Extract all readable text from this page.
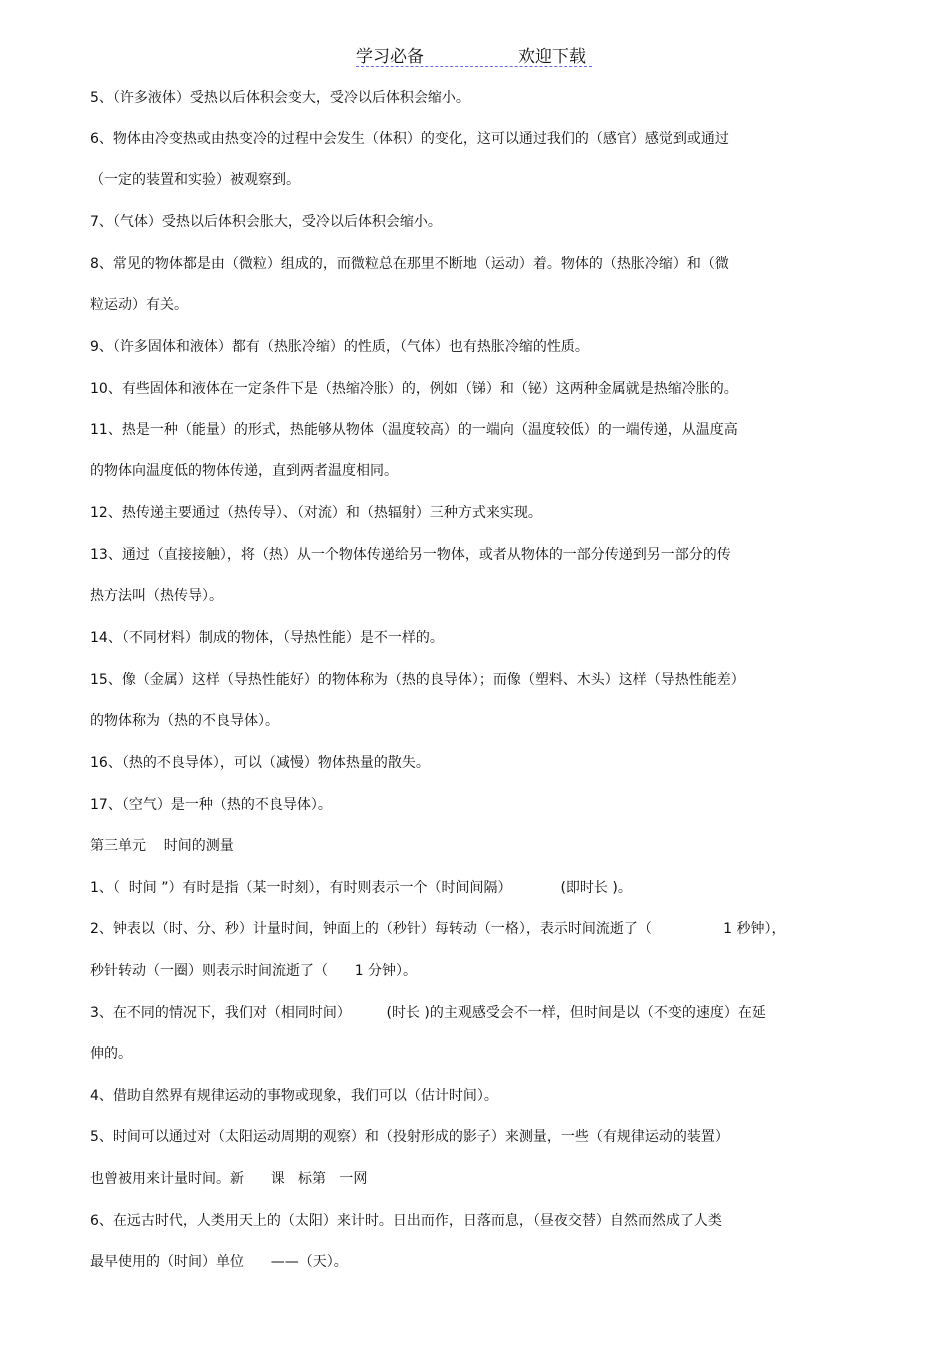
学习必备	欢迎下载
5、（许多液体）受热以后体积会变大，受冷以后体积会缩小。
6、物体由冷变热或由热变冷的过程中会发生（体积）的变化，这可以通过我们的（感官）感觉到或通过
（一定的装置和实验）被观察到。
7、（气体）受热以后体积会胀大，受冷以后体积会缩小。
8、常见的物体都是由（微粒）组成的，而微粒总在那里不断地（运动）着。物体的（热胀冷缩）和（微
粒运动）有关。
9、（许多固体和液体）都有（热胀冷缩）的性质，（气体）也有热胀冷缩的性质。
10、有些固体和液体在一定条件下是（热缩冷胀）的，例如（锑）和（铋）这两种金属就是热缩冷胀的。
11、热是一种（能量）的形式，热能够从物体（温度较高）的一端向（温度较低）的一端传递，从温度高
的物体向温度低的物体传递，直到两者温度相同。
12、热传递主要通过（热传导）、（对流）和（热辐射）三种方式来实现。
13、通过（直接接触），将（热）从一个物体传递给另一物体，或者从物体的一部分传递到另一部分的传
热方法叫（热传导）。
14、（不同材料）制成的物体，（导热性能）是不一样的。
15、像（金属）这样（导热性能好）的物体称为（热的良导体）；而像（塑料、木头）这样（导热性能差）
的物体称为（热的不良导体）。
16、（热的不良导体），可以（减慢）物体热量的散失。
17、（空气）是一种（热的不良导体）。
第三单元    时间的测量
1、（  时间 ”）有时是指（某一时刻），有时则表示一个（时间间隔）           (即时长 )。
2、钟表以（时、分、秒）计量时间，钟面上的（秒针）每转动（一格），表示时间流逝了（                1 秒钟），
秒针转动（一圈）则表示时间流逝了（      1 分钟）。
3、在不同的情况下，我们对（相同时间）        (时长 )的主观感受会不一样，但时间是以（不变的速度）在延
伸的。
4、借助自然界有规律运动的事物或现象，我们可以（估计时间）。
5、时间可以通过对（太阳运动周期的观察）和（投射形成的影子）来测量，一些（有规律运动的装置）
也曾被用来计量时间。新      课   标第   一网
6、在远古时代，人类用天上的（太阳）来计时。日出而作，日落而息，（昼夜交替）自然而然成了人类
最早使用的（时间）单位      ——（天）。
